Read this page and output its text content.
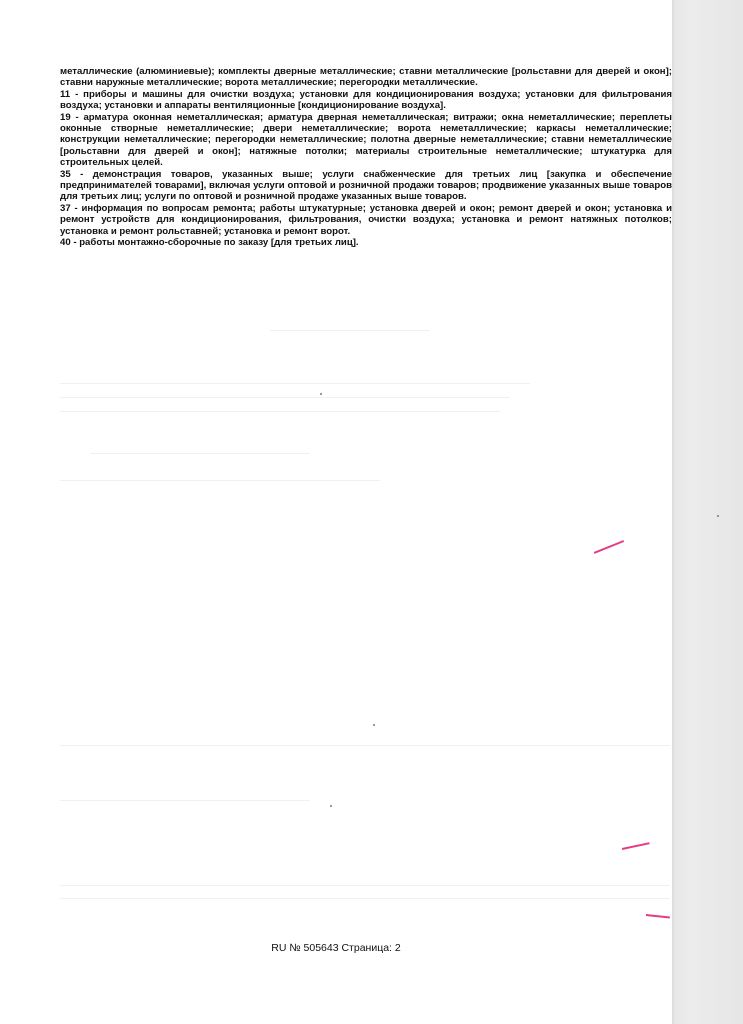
металлические (алюминиевые); комплекты дверные металлические; ставни металлические [рольставни для дверей и окон]; ставни наружные металлические; ворота металлические; перегородки металлические.

11 - приборы и машины для очистки воздуха; установки для кондиционирования воздуха; установки для фильтрования воздуха; установки и аппараты вентиляционные [кондиционирование воздуха].

19 - арматура оконная неметаллическая; арматура дверная неметаллическая; витражи; окна неметаллические; переплеты оконные створные неметаллические; двери неметаллические; ворота неметаллические; каркасы неметаллические; конструкции неметаллические; перегородки неметаллические; полотна дверные неметаллические; ставни неметаллические [рольставни для дверей и окон]; натяжные потолки; материалы строительные неметаллические; штукатурка для строительных целей.

35 - демонстрация товаров, указанных выше; услуги снабженческие для третьих лиц [закупка и обеспечение предпринимателей товарами], включая услуги оптовой и розничной продажи товаров; продвижение указанных выше товаров для третьих лиц; услуги по оптовой и розничной продаже указанных выше товаров.

37 - информация по вопросам ремонта; работы штукатурные; установка дверей и окон; ремонт дверей и окон; установка и ремонт устройств для кондиционирования, фильтрования, очистки воздуха; установка и ремонт натяжных потолков; установка и ремонт рольставней; установка и ремонт ворот.

40 - работы монтажно-сборочные по заказу [для третьих лиц].

RU № 505643 Страница: 2
